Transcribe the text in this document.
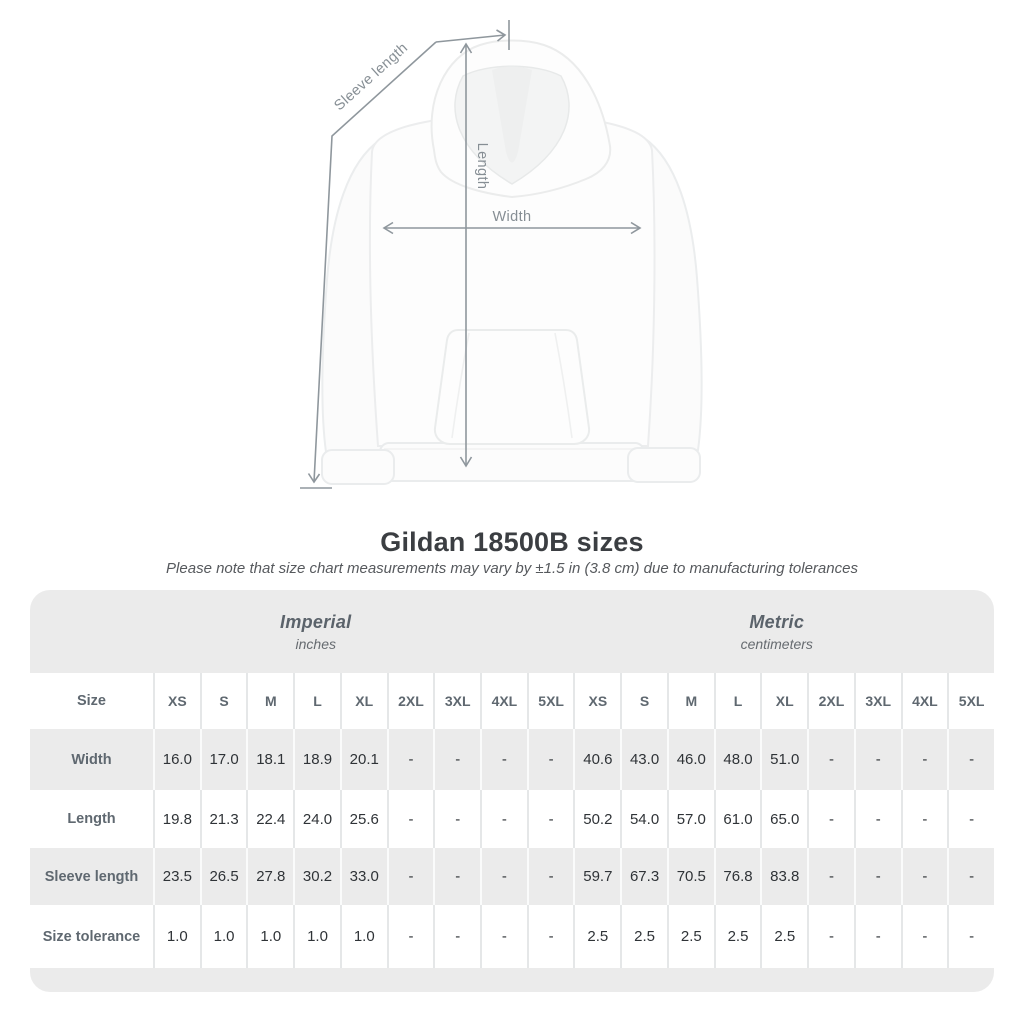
Width
Length
Sleeve length
Gildan 18500B sizes
Please note that size chart measurements may vary by ±1.5 in (3.8 cm) due to manufacturing tolerances
Imperial
inches
Metric
centimeters
Size	XS	S	M	L	XL	2XL	3XL	4XL	5XL	XS	S	M	L	XL	2XL	3XL	4XL	5XL
Width	16.0	17.0	18.1	18.9	20.1	-	-	-	-	40.6	43.0	46.0	48.0	51.0	-	-	-	-
Length	19.8	21.3	22.4	24.0	25.6	-	-	-	-	50.2	54.0	57.0	61.0	65.0	-	-	-	-
Sleeve length	23.5	26.5	27.8	30.2	33.0	-	-	-	-	59.7	67.3	70.5	76.8	83.8	-	-	-	-
Size tolerance	1.0	1.0	1.0	1.0	1.0	-	-	-	-	2.5	2.5	2.5	2.5	2.5	-	-	-	-
